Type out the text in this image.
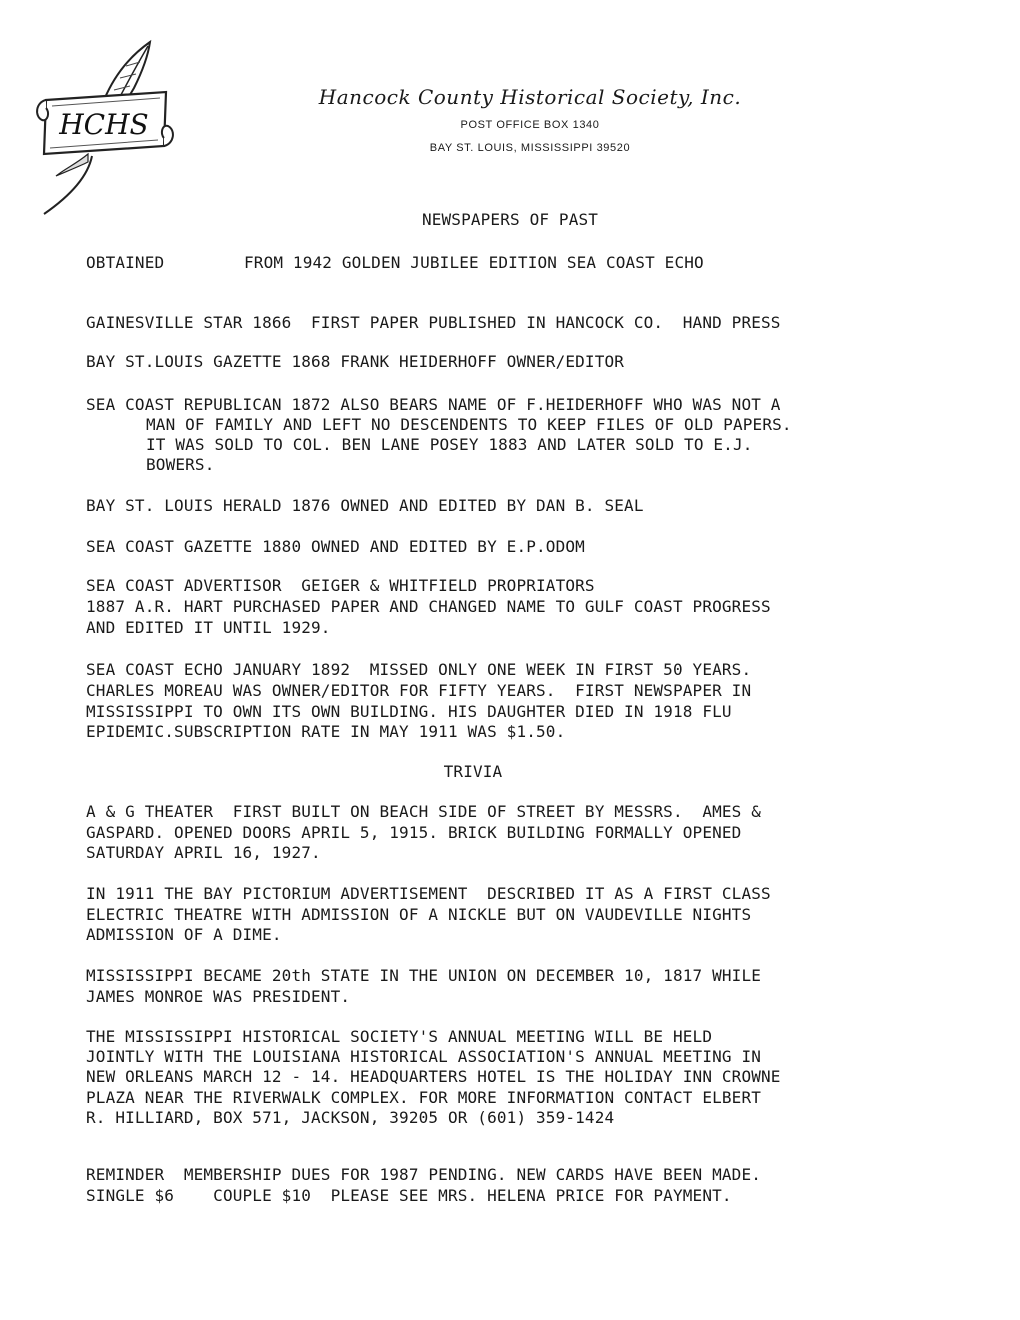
HCHS
Hancock County Historical Society, Inc.
POST OFFICE BOX 1340
BAY ST. LOUIS, MISSISSIPPI 39520
NEWSPAPERS OF PAST
OBTAINED	FROM 1942 GOLDEN JUBILEE EDITION SEA COAST ECHO
GAINESVILLE STAR 1866  FIRST PAPER PUBLISHED IN HANCOCK CO.  HAND PRESS
BAY ST.LOUIS GAZETTE 1868 FRANK HEIDERHOFF OWNER/EDITOR
SEA COAST REPUBLICAN 1872 ALSO BEARS NAME OF F.HEIDERHOFF WHO WAS NOT A
MAN OF FAMILY AND LEFT NO DESCENDENTS TO KEEP FILES OF OLD PAPERS.
IT WAS SOLD TO COL. BEN LANE POSEY 1883 AND LATER SOLD TO E.J.
BOWERS.
BAY ST. LOUIS HERALD 1876 OWNED AND EDITED BY DAN B. SEAL
SEA COAST GAZETTE 1880 OWNED AND EDITED BY E.P.ODOM
SEA COAST ADVERTISOR  GEIGER & WHITFIELD PROPRIATORS
1887 A.R. HART PURCHASED PAPER AND CHANGED NAME TO GULF COAST PROGRESS
AND EDITED IT UNTIL 1929.
SEA COAST ECHO JANUARY 1892  MISSED ONLY ONE WEEK IN FIRST 50 YEARS.
CHARLES MOREAU WAS OWNER/EDITOR FOR FIFTY YEARS.  FIRST NEWSPAPER IN
MISSISSIPPI TO OWN ITS OWN BUILDING. HIS DAUGHTER DIED IN 1918 FLU
EPIDEMIC.SUBSCRIPTION RATE IN MAY 1911 WAS $1.50.
TRIVIA
A & G THEATER  FIRST BUILT ON BEACH SIDE OF STREET BY MESSRS.  AMES &
GASPARD. OPENED DOORS APRIL 5, 1915. BRICK BUILDING FORMALLY OPENED
SATURDAY APRIL 16, 1927.
IN 1911 THE BAY PICTORIUM ADVERTISEMENT  DESCRIBED IT AS A FIRST CLASS
ELECTRIC THEATRE WITH ADMISSION OF A NICKLE BUT ON VAUDEVILLE NIGHTS
ADMISSION OF A DIME.
MISSISSIPPI BECAME 20th STATE IN THE UNION ON DECEMBER 10, 1817 WHILE
JAMES MONROE WAS PRESIDENT.
THE MISSISSIPPI HISTORICAL SOCIETY'S ANNUAL MEETING WILL BE HELD
JOINTLY WITH THE LOUISIANA HISTORICAL ASSOCIATION'S ANNUAL MEETING IN
NEW ORLEANS MARCH 12 - 14. HEADQUARTERS HOTEL IS THE HOLIDAY INN CROWNE
PLAZA NEAR THE RIVERWALK COMPLEX. FOR MORE INFORMATION CONTACT ELBERT
R. HILLIARD, BOX 571, JACKSON, 39205 OR (601) 359-1424
REMINDER  MEMBERSHIP DUES FOR 1987 PENDING. NEW CARDS HAVE BEEN MADE.
SINGLE $6    COUPLE $10  PLEASE SEE MRS. HELENA PRICE FOR PAYMENT.
